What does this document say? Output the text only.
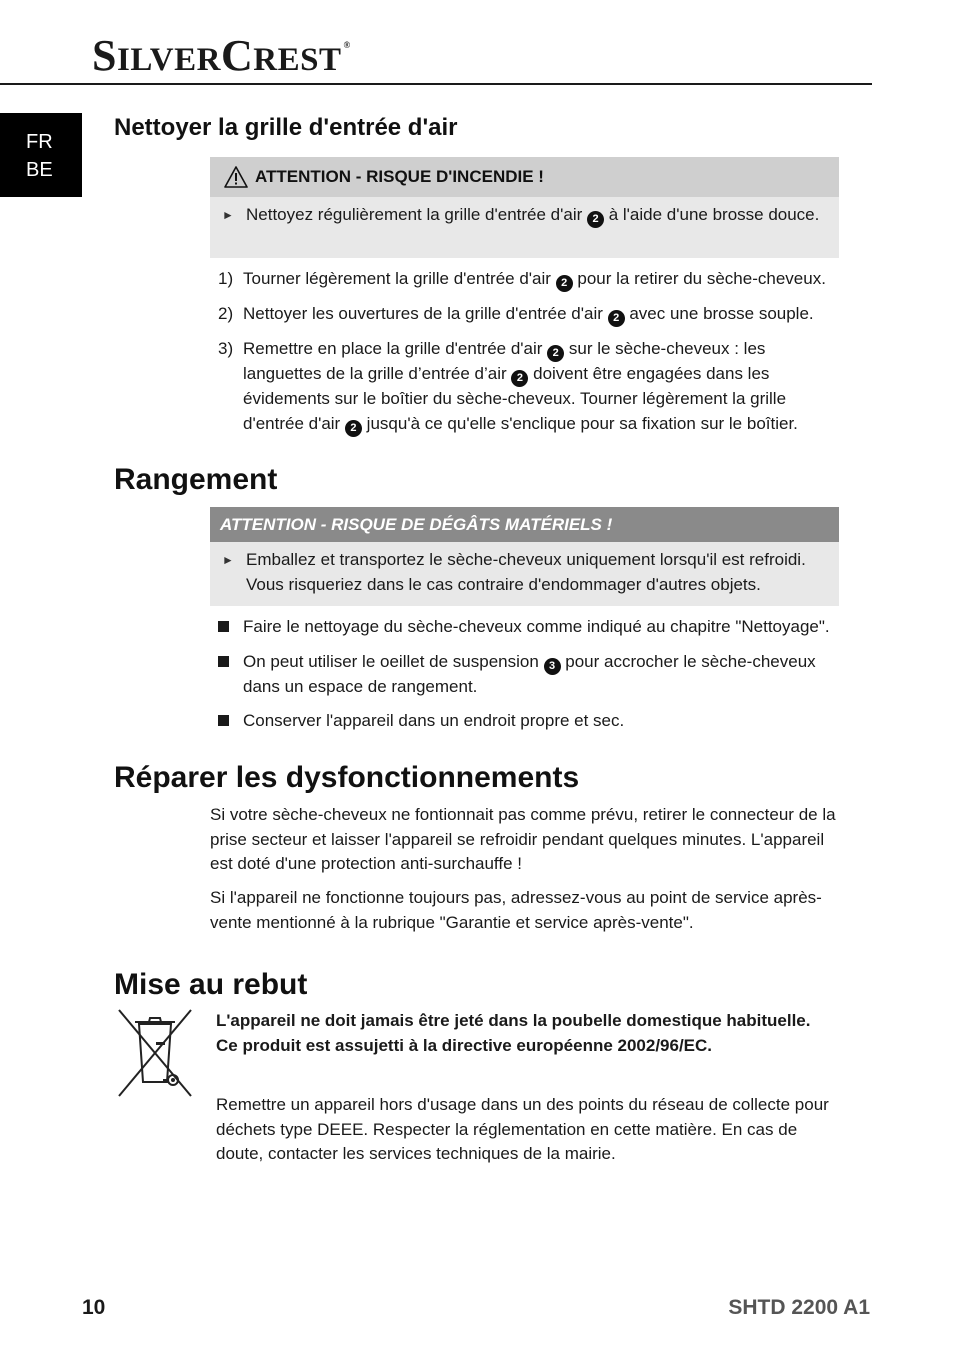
SILVERCREST ®
FR
BE
Nettoyer la grille d'entrée d'air
ATTENTION - RISQUE D'INCENDIE !
► Nettoyez régulièrement la grille d'entrée d'air 2 à l'aide d'une brosse douce.
1) Tourner légèrement la grille d'entrée d'air 2 pour la retirer du sèche-cheveux.
2) Nettoyer les ouvertures de la grille d'entrée d'air 2 avec une brosse souple.
3) Remettre en place la grille d'entrée d'air 2 sur le sèche-cheveux : les languettes de la grille d’entrée d’air 2 doivent être engagées dans les évidements sur le boîtier du sèche-cheveux. Tourner légèrement la grille d'entrée d'air 2 jusqu'à ce qu'elle s'enclique pour sa fixation sur le boîtier.
Rangement
ATTENTION - RISQUE DE DÉGÂTS MATÉRIELS !
► Emballez et transportez le sèche-cheveux uniquement lorsqu'il est refroidi. Vous risqueriez dans le cas contraire d'endommager d'autres objets.
Faire le nettoyage du sèche-cheveux comme indiqué au chapitre "Nettoyage".
On peut utiliser le oeillet de suspension 3 pour accrocher le sèche-cheveux dans un espace de rangement.
Conserver l'appareil dans un endroit propre et sec.
Réparer les dysfonctionnements
Si votre sèche-cheveux ne fontionnait pas comme prévu, retirer le connecteur de la prise secteur et laisser l'appareil se refroidir pendant quelques minutes. L'appareil est doté d'une protection anti-surchauffe !
Si l'appareil ne fonctionne toujours pas, adressez-vous au point de service après-vente mentionné à la rubrique "Garantie et service après-vente".
Mise au rebut
L'appareil ne doit jamais être jeté dans la poubelle domestique habituelle. Ce produit est assujetti à la directive européenne 2002/96/EC.
Remettre un appareil hors d'usage dans un des points du réseau de collecte pour déchets type DEEE. Respecter la réglementation en cette matière. En cas de doute, contacter les services techniques de la mairie.
10	SHTD 2200 A1
